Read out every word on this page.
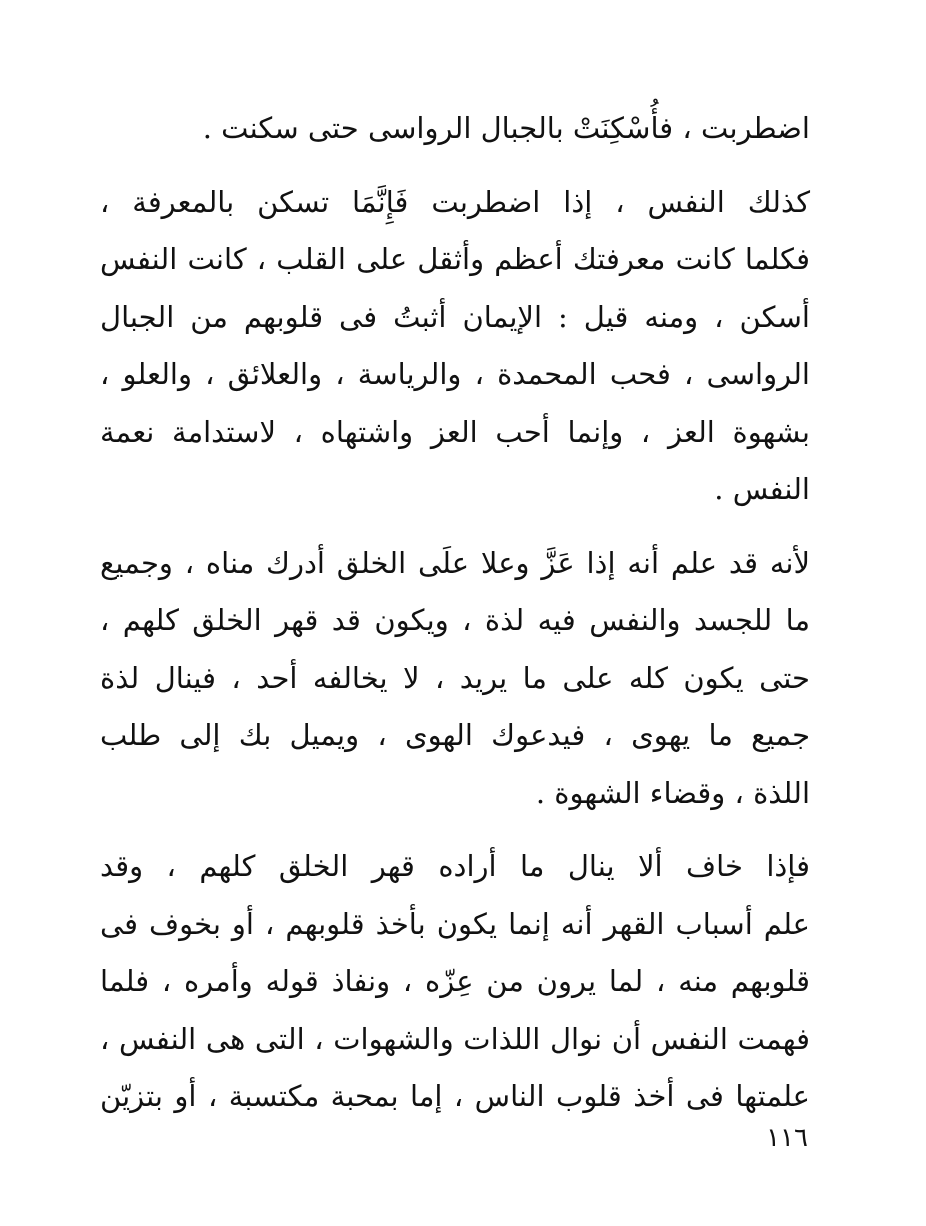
اضطربت ، فأُسْكِنَتْ بالجبال الرواسى حتى سكنت .
كذلك النفس ، إذا اضطربت فَإِنَّمَا تسكن بالمعرفة ،
فكلما كانت معرفتك أعظم وأثقل على القلب ، كانت النفس
أسكن ، ومنه قيل : الإيمان أثبتُ فى قلوبهم من الجبال
الرواسى ، فحب المحمدة ، والرياسة ، والعلائق ، والعلو ،
بشهوة العز ، وإنما أحب العز واشتهاه ، لاستدامة نعمة
النفس .
لأنه قد علم أنه إذا عَزَّ وعلا علَى الخلق أدرك مناه ، وجميع
ما للجسد والنفس فيه لذة ، ويكون قد قهر الخلق كلهم ،
حتى يكون كله على ما يريد ، لا يخالفه أحد ، فينال لذة
جميع ما يهوى ، فيدعوك الهوى ، ويميل بك إلى طلب
اللذة ، وقضاء الشهوة .
فإذا خاف ألا ينال ما أراده قهر الخلق كلهم ، وقد
علم أسباب القهر أنه إنما يكون بأخذ قلوبهم ، أو بخوف فى
قلوبهم منه ، لما يرون من عِزّه ، ونفاذ قوله وأمره ، فلما
فهمت النفس أن نوال اللذات والشهوات ، التى هى النفس ،
علمتها فى أخذ قلوب الناس ، إما بمحبة مكتسبة ، أو بتزيّن
١١٦
